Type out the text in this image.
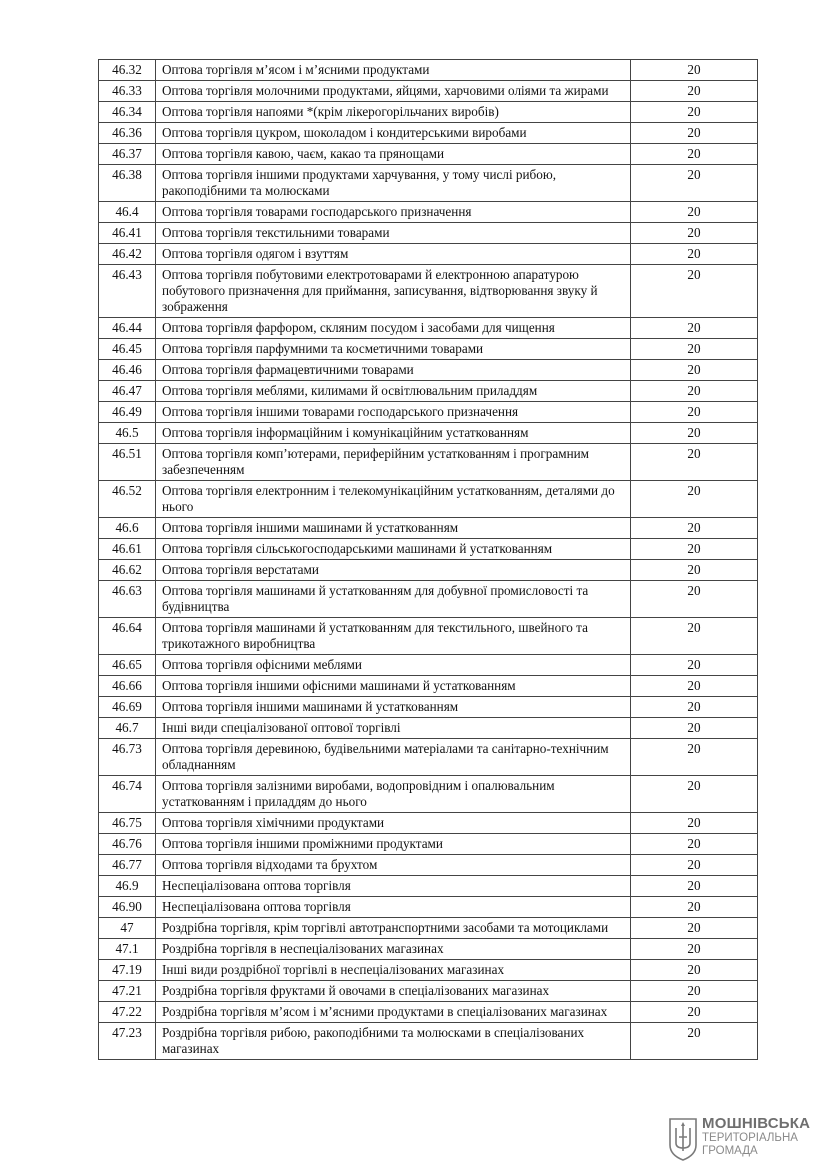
46.32	Оптова торгівля м’ясом і м’ясними продуктами	20
46.33	Оптова торгівля молочними продуктами, яйцями, харчовими оліями та жирами	20
46.34	Оптова торгівля напоями *(крім лікерогорільчаних виробів)	20
46.36	Оптова торгівля цукром, шоколадом і кондитерськими виробами	20
46.37	Оптова торгівля кавою, чаєм, какао та прянощами	20
46.38	Оптова торгівля іншими продуктами харчування, у тому числі рибою, ракоподібними та молюсками	20
46.4	Оптова торгівля товарами господарського призначення	20
46.41	Оптова торгівля текстильними товарами	20
46.42	Оптова торгівля одягом і взуттям	20
46.43	Оптова торгівля побутовими електротоварами й електронною апаратурою побутового призначення для приймання, записування, відтворювання звуку й зображення	20
46.44	Оптова торгівля фарфором, скляним посудом і засобами для чищення	20
46.45	Оптова торгівля парфумними та косметичними товарами	20
46.46	Оптова торгівля фармацевтичними товарами	20
46.47	Оптова торгівля меблями, килимами й освітлювальним приладдям	20
46.49	Оптова торгівля іншими товарами господарського призначення	20
46.5	Оптова торгівля інформаційним і комунікаційним устаткованням	20
46.51	Оптова торгівля комп’ютерами, периферійним устаткованням і програмним забезпеченням	20
46.52	Оптова торгівля електронним і телекомунікаційним устаткованням, деталями до нього	20
46.6	Оптова торгівля іншими машинами й устаткованням	20
46.61	Оптова торгівля сільськогосподарськими машинами й устаткованням	20
46.62	Оптова торгівля верстатами	20
46.63	Оптова торгівля машинами й устаткованням для добувної промисловості та будівництва	20
46.64	Оптова торгівля машинами й устаткованням для текстильного, швейного та трикотажного виробництва	20
46.65	Оптова торгівля офісними меблями	20
46.66	Оптова торгівля іншими офісними машинами й устаткованням	20
46.69	Оптова торгівля іншими машинами й устаткованням	20
46.7	Інші види спеціалізованої оптової торгівлі	20
46.73	Оптова торгівля деревиною, будівельними матеріалами та санітарно-технічним обладнанням	20
46.74	Оптова торгівля залізними виробами, водопровідним і опалювальним устаткованням і приладдям до нього	20
46.75	Оптова торгівля хімічними продуктами	20
46.76	Оптова торгівля іншими проміжними продуктами	20
46.77	Оптова торгівля відходами та брухтом	20
46.9	Неспеціалізована оптова торгівля	20
46.90	Неспеціалізована оптова торгівля	20
47	Роздрібна торгівля, крім торгівлі автотранспортними засобами та мотоциклами	20
47.1	Роздрібна торгівля в неспеціалізованих магазинах	20
47.19	Інші види роздрібної торгівлі в неспеціалізованих магазинах	20
47.21	Роздрібна торгівля фруктами й овочами в спеціалізованих магазинах	20
47.22	Роздрібна торгівля м’ясом і м’ясними продуктами в спеціалізованих магазинах	20
47.23	Роздрібна торгівля рибою, ракоподібними та молюсками в спеціалізованих магазинах	20
МОШНІВСЬКА
ТЕРИТОРІАЛЬНА
ГРОМАДА
